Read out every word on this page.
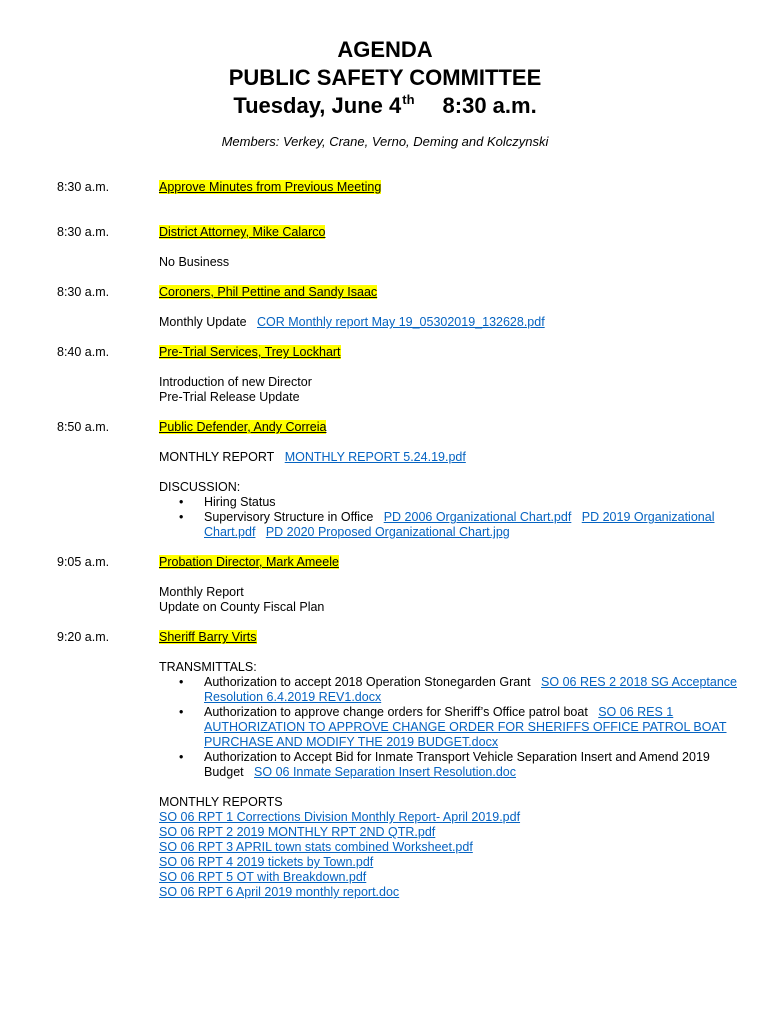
AGENDA
PUBLIC SAFETY COMMITTEE
Tuesday, June 4th 8:30 a.m.
Members: Verkey, Crane, Verno, Deming and Kolczynski
8:30 a.m.	Approve Minutes from Previous Meeting

8:30 a.m.	District Attorney, Mike Calarco

No Business

8:30 a.m.	Coroners, Phil Pettine and Sandy Isaac

Monthly Update COR Monthly report May 19_05302019_132628.pdf

8:40 a.m.	Pre-Trial Services, Trey Lockhart

Introduction of new Director

Pre-Trial Release Update

8:50 a.m.	Public Defender, Andy Correia

MONTHLY REPORT MONTHLY REPORT 5.24.19.pdf

DISCUSSION:

• Hiring Status
• Supervisory Structure in Office PD 2006 Organizational Chart.pdf PD 2019 Organizational Chart.pdf PD 2020 Proposed Organizational Chart.jpg
9:05 a.m.	Probation Director, Mark Ameele

Monthly Report

Update on County Fiscal Plan

9:20 a.m.	Sheriff Barry Virts

TRANSMITTALS:

• Authorization to accept 2018 Operation Stonegarden Grant SO 06 RES 2 2018 SG Acceptance Resolution 6.4.2019 REV1.docx
• Authorization to approve change orders for Sheriff’s Office patrol boat SO 06 RES 1 AUTHORIZATION TO APPROVE CHANGE ORDER FOR SHERIFFS OFFICE PATROL BOAT PURCHASE AND MODIFY THE 2019 BUDGET.docx
• Authorization to Accept Bid for Inmate Transport Vehicle Separation Insert and Amend 2019 Budget SO 06 Inmate Separation Insert Resolution.doc

MONTHLY REPORTS

SO 06 RPT 1 Corrections Division Monthly Report- April 2019.pdf
SO 06 RPT 2 2019 MONTHLY RPT 2ND QTR.pdf
SO 06 RPT 3 APRIL town stats combined Worksheet.pdf
SO 06 RPT 4 2019 tickets by Town.pdf
SO 06 RPT 5 OT with Breakdown.pdf
SO 06 RPT 6 April 2019 monthly report.doc
